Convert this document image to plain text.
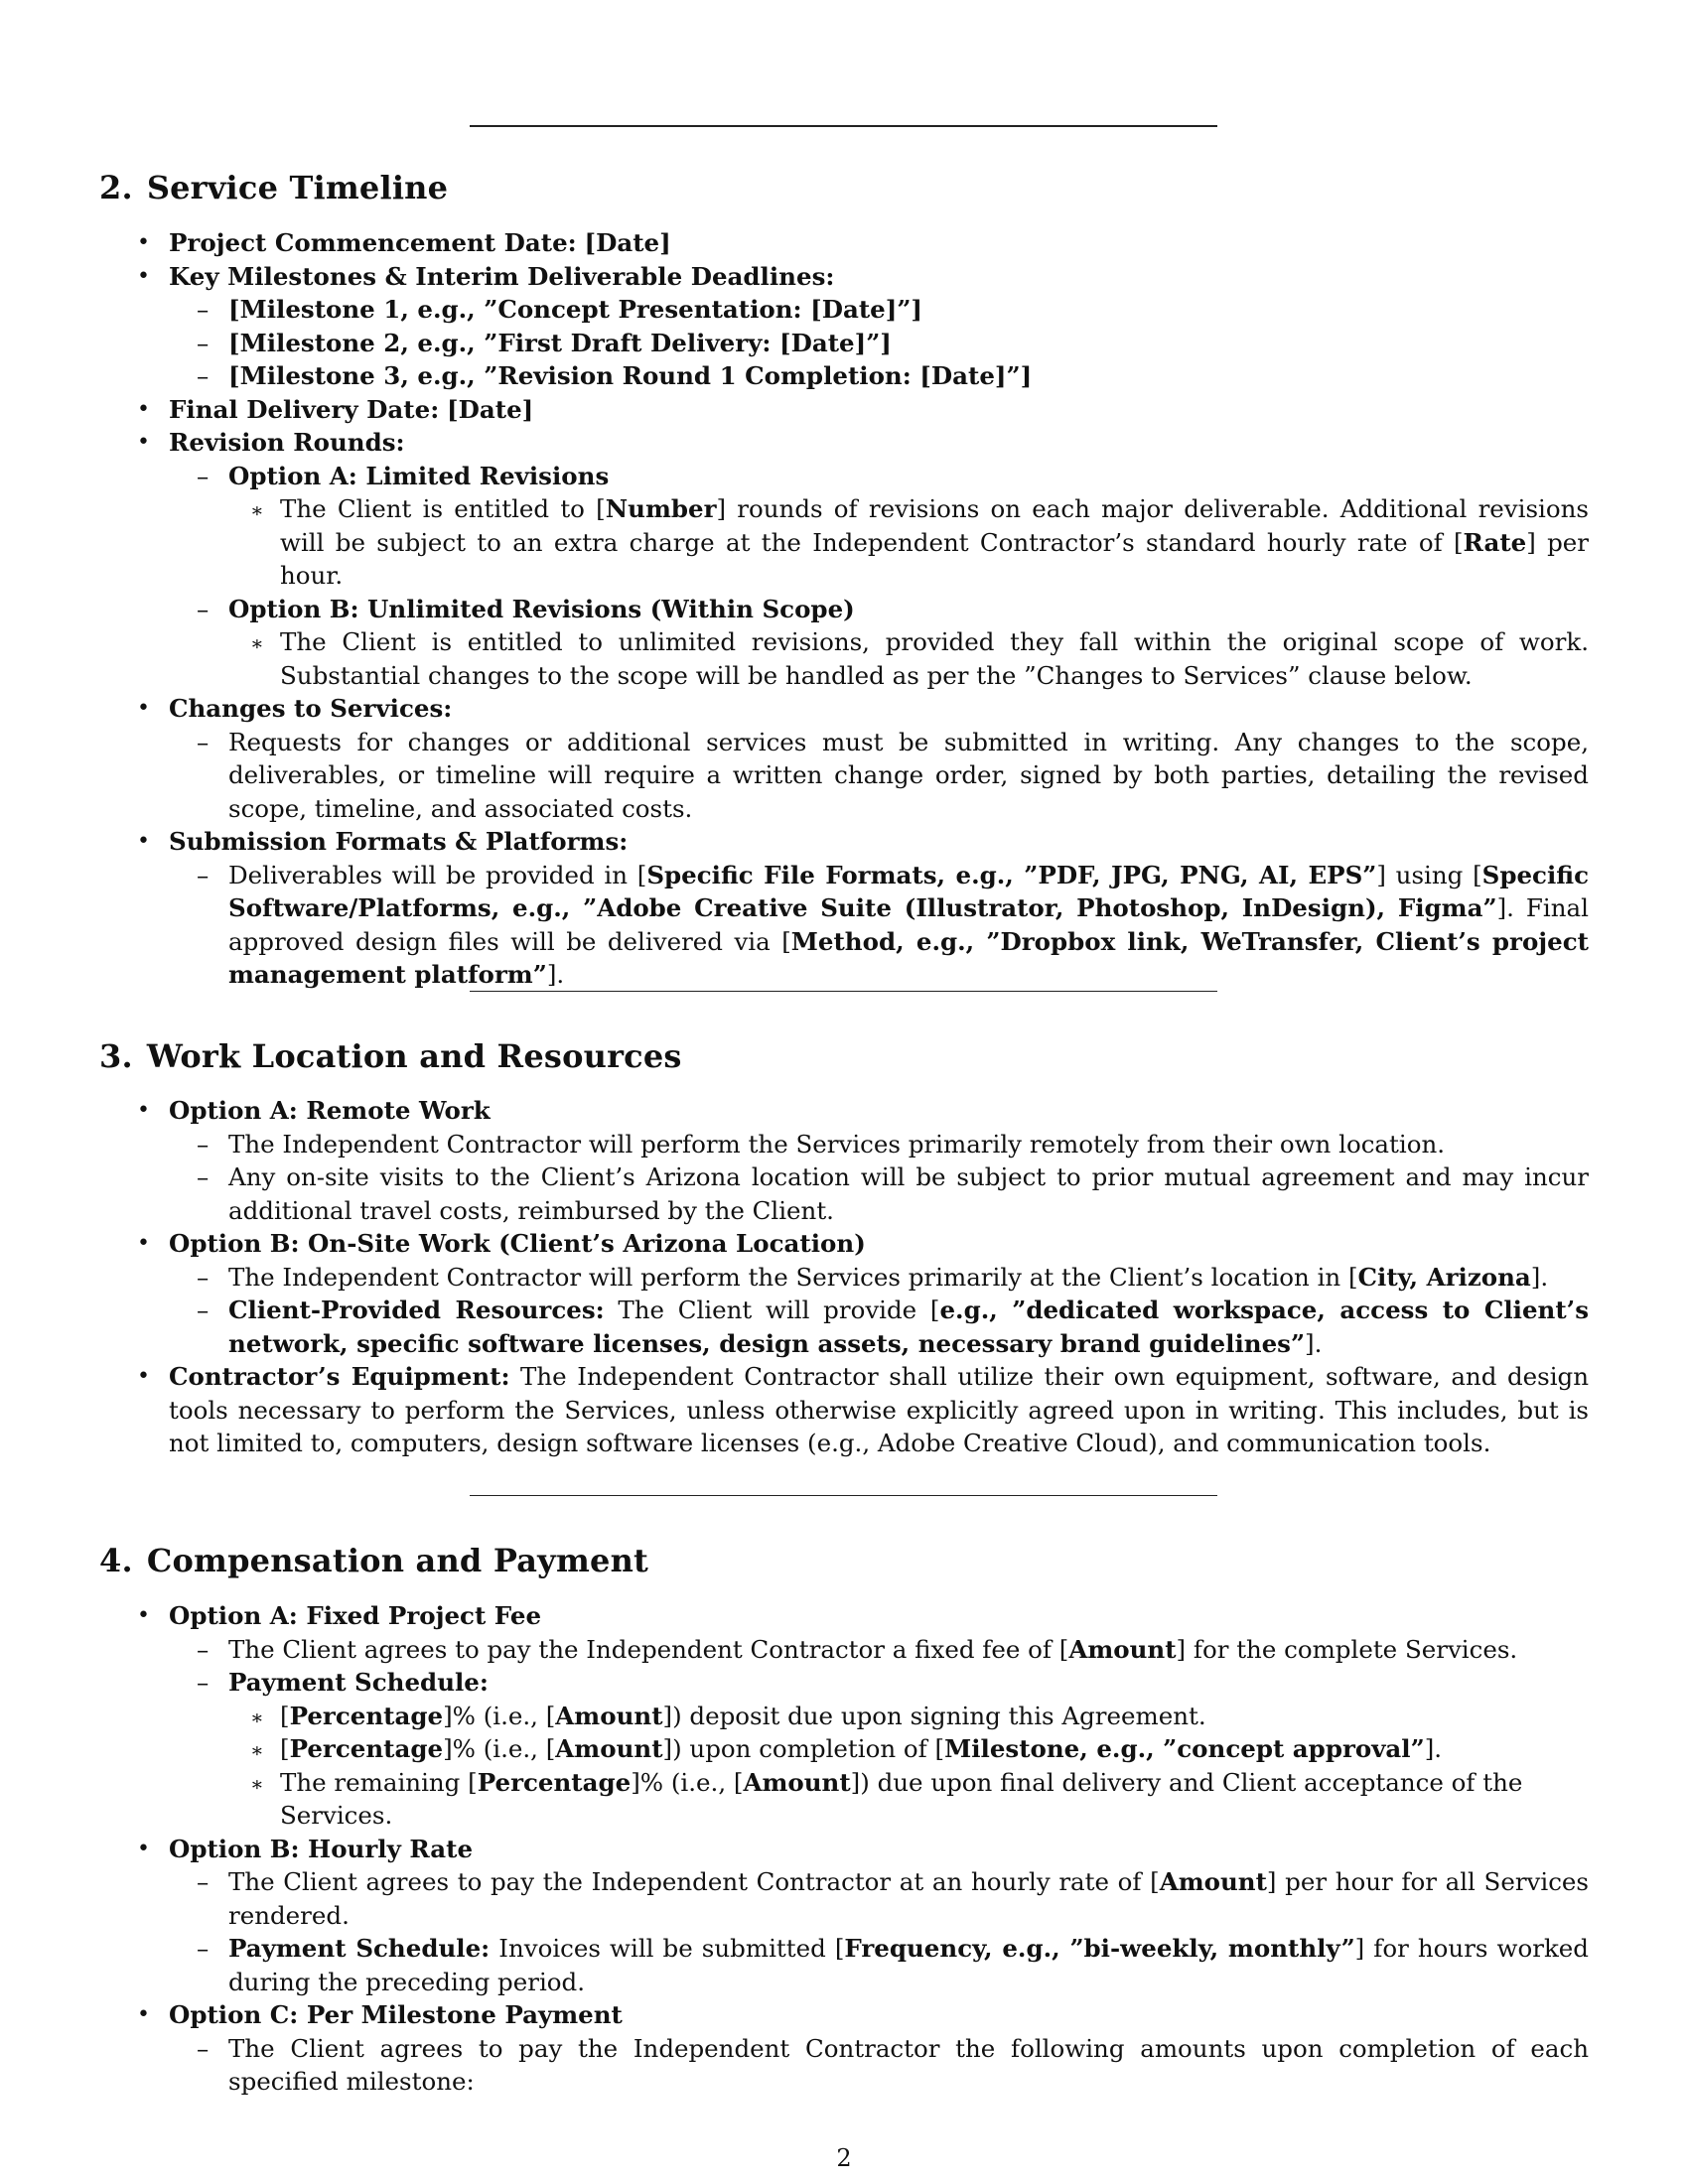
2. Service Timeline
• Project Commencement Date: [Date]
• Key Milestones & Interim Deliverable Deadlines:
– [Milestone 1, e.g., ”Concept Presentation: [Date]”]
– [Milestone 2, e.g., ”First Draft Delivery: [Date]”]
– [Milestone 3, e.g., ”Revision Round 1 Completion: [Date]”]
• Final Delivery Date: [Date]
• Revision Rounds:
– Option A: Limited Revisions
∗ The Client is entitled to [Number] rounds of revisions on each major deliverable. Additional revisions will be subject to an extra charge at the Independent Contractor’s standard hourly rate of [Rate] per hour.
– Option B: Unlimited Revisions (Within Scope)
∗ The Client is entitled to unlimited revisions, provided they fall within the original scope of work. Substantial changes to the scope will be handled as per the ”Changes to Services” clause below.
• Changes to Services:
– Requests for changes or additional services must be submitted in writing. Any changes to the scope, deliverables, or timeline will require a written change order, signed by both parties, detailing the revised scope, timeline, and associated costs.
• Submission Formats & Platforms:
– Deliverables will be provided in [Specific File Formats, e.g., ”PDF, JPG, PNG, AI, EPS”] using [Specific Software/Platforms, e.g., ”Adobe Creative Suite (Illustrator, Photoshop, InDesign), Figma”]. Final approved design files will be delivered via [Method, e.g., ”Dropbox link, WeTransfer, Client’s project management platform”].
3. Work Location and Resources
• Option A: Remote Work
– The Independent Contractor will perform the Services primarily remotely from their own location.
– Any on-site visits to the Client’s Arizona location will be subject to prior mutual agreement and may incur additional travel costs, reimbursed by the Client.
• Option B: On-Site Work (Client’s Arizona Location)
– The Independent Contractor will perform the Services primarily at the Client’s location in [City, Arizona].
– Client-Provided Resources: The Client will provide [e.g., ”dedicated workspace, access to Client’s network, specific software licenses, design assets, necessary brand guidelines”].
• Contractor’s Equipment: The Independent Contractor shall utilize their own equipment, software, and design tools necessary to perform the Services, unless otherwise explicitly agreed upon in writing. This includes, but is not limited to, computers, design software licenses (e.g., Adobe Creative Cloud), and communication tools.
4. Compensation and Payment
• Option A: Fixed Project Fee
– The Client agrees to pay the Independent Contractor a fixed fee of [Amount] for the complete Services.
– Payment Schedule:
∗ [Percentage]% (i.e., [Amount]) deposit due upon signing this Agreement.
∗ [Percentage]% (i.e., [Amount]) upon completion of [Milestone, e.g., ”concept approval”].
∗ The remaining [Percentage]% (i.e., [Amount]) due upon final delivery and Client acceptance of the Services.
• Option B: Hourly Rate
– The Client agrees to pay the Independent Contractor at an hourly rate of [Amount] per hour for all Services rendered.
– Payment Schedule: Invoices will be submitted [Frequency, e.g., ”bi-weekly, monthly”] for hours worked during the preceding period.
• Option C: Per Milestone Payment
– The Client agrees to pay the Independent Contractor the following amounts upon completion of each specified milestone:
2
